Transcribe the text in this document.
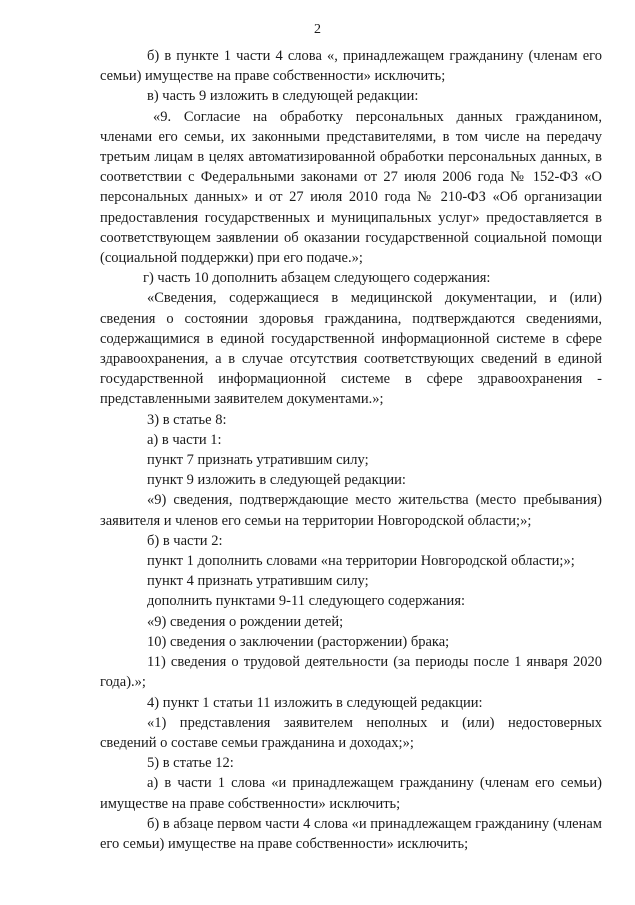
2

б) в пункте 1 части 4 слова «, принадлежащем гражданину (членам его семьи) имуществе на праве собственности» исключить;

в) часть 9 изложить в следующей редакции:

«9. Согласие на обработку персональных данных гражданином, членами его семьи, их законными представителями, в том числе на передачу третьим лицам в целях автоматизированной обработки персональных данных, в соответствии с Федеральными законами от 27 июля 2006 года № 152-ФЗ «О персональных данных» и от 27 июля 2010 года № 210-ФЗ «Об организации предоставления государственных и муниципальных услуг» предоставляется в соответствующем заявлении об оказании государственной социальной помощи (социальной поддержки) при его подаче.»;

г) часть 10 дополнить абзацем следующего содержания:

«Сведения, содержащиеся в медицинской документации, и (или) сведения о состоянии здоровья гражданина, подтверждаются сведениями, содержащимися в единой государственной информационной системе в сфере здравоохранения, а в случае отсутствия соответствующих сведений в единой государственной информационной системе в сфере здравоохранения - представленными заявителем документами.»;

3) в статье 8:

а) в части 1:

пункт 7 признать утратившим силу;

пункт 9 изложить в следующей редакции:

«9) сведения, подтверждающие место жительства (место пребывания) заявителя и членов его семьи на территории Новгородской области;»;

б) в части 2:

пункт 1 дополнить словами «на территории Новгородской области;»;

пункт 4 признать утратившим силу;

дополнить пунктами 9-11 следующего содержания:

«9) сведения о рождении детей;

10) сведения о заключении (расторжении) брака;

11) сведения о трудовой деятельности (за периоды после 1 января 2020 года).»;

4) пункт 1 статьи 11 изложить в следующей редакции:

«1) представления заявителем неполных и (или) недостоверных сведений о составе семьи гражданина и доходах;»;

5) в статье 12:

а) в части 1 слова «и принадлежащем гражданину (членам его семьи) имуществе на праве собственности» исключить;

б) в абзаце первом части 4 слова «и принадлежащем гражданину (членам его семьи) имуществе на праве собственности» исключить;
